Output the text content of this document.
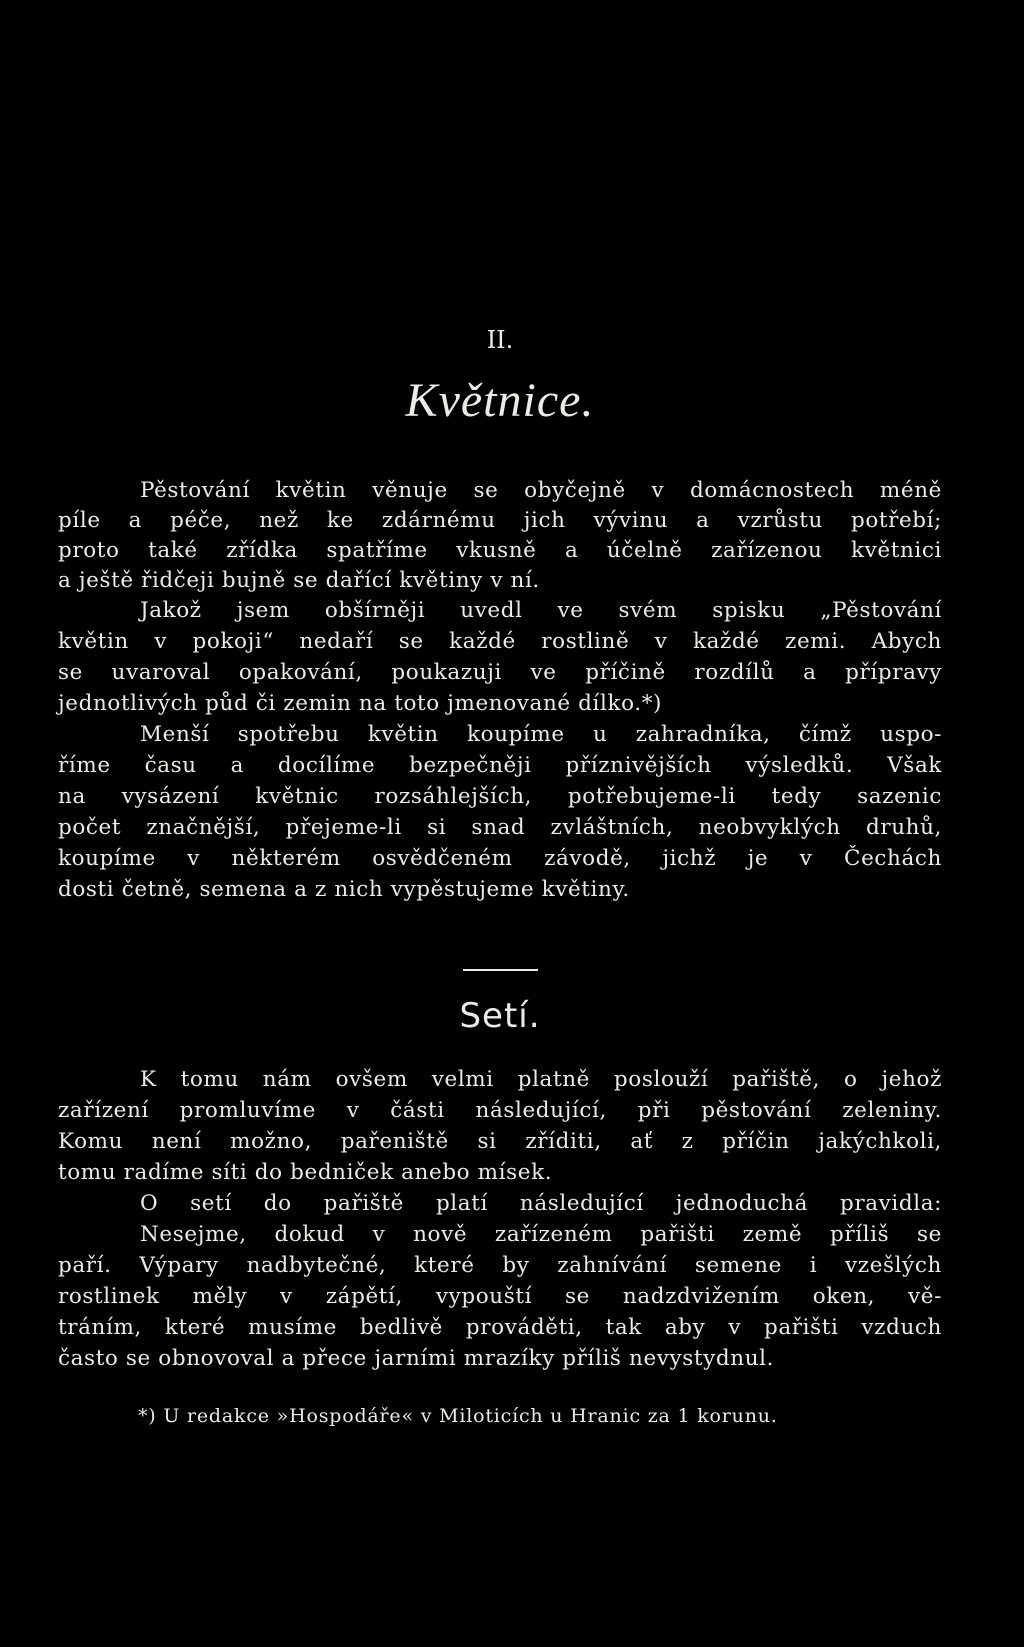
II.
Květnice.
Pěstování květin věnuje se obyčejně v domácnostech méně
píle a péče, než ke zdárnému jich vývinu a vzrůstu potřebí;
proto také zřídka spatříme vkusně a účelně zařízenou květnici
a ještě řidčeji bujně se dařící květiny v ní.
Jakož jsem obšírněji uvedl ve svém spisku „Pěstování
květin v pokoji“ nedaří se každé rostlině v každé zemi. Abych
se uvaroval opakování, poukazuji ve příčině rozdílů a přípravy
jednotlivých půd či zemin na toto jmenované dílko.*)
Menší spotřebu květin koupíme u zahradníka, čímž uspo-
říme času a docílíme bezpečněji příznivějších výsledků. Však
na vysázení květnic rozsáhlejších, potřebujeme-li tedy sazenic
počet značnější, přejeme-li si snad zvláštních, neobvyklých druhů,
koupíme v některém osvědčeném závodě, jichž je v Čechách
dosti četně, semena a z nich vypěstujeme květiny.
Setí.
K tomu nám ovšem velmi platně poslouží pařiště, o jehož
zařízení promluvíme v části následující, při pěstování zeleniny.
Komu není možno, pařeniště si zříditi, ať z příčin jakýchkoli,
tomu radíme síti do bedniček anebo mísek.
O setí do pařiště platí následující jednoduchá pravidla:
Nesejme, dokud v nově zařízeném pařišti země příliš se
paří. Výpary nadbytečné, které by zahnívání semene i vzešlých
rostlinek měly v zápětí, vypouští se nadzdvižením oken, vě-
tráním, které musíme bedlivě prováděti, tak aby v pařišti vzduch
často se obnovoval a přece jarními mrazíky příliš nevystydnul.
*) U redakce »Hospodáře« v Miloticích u Hranic za 1 korunu.
